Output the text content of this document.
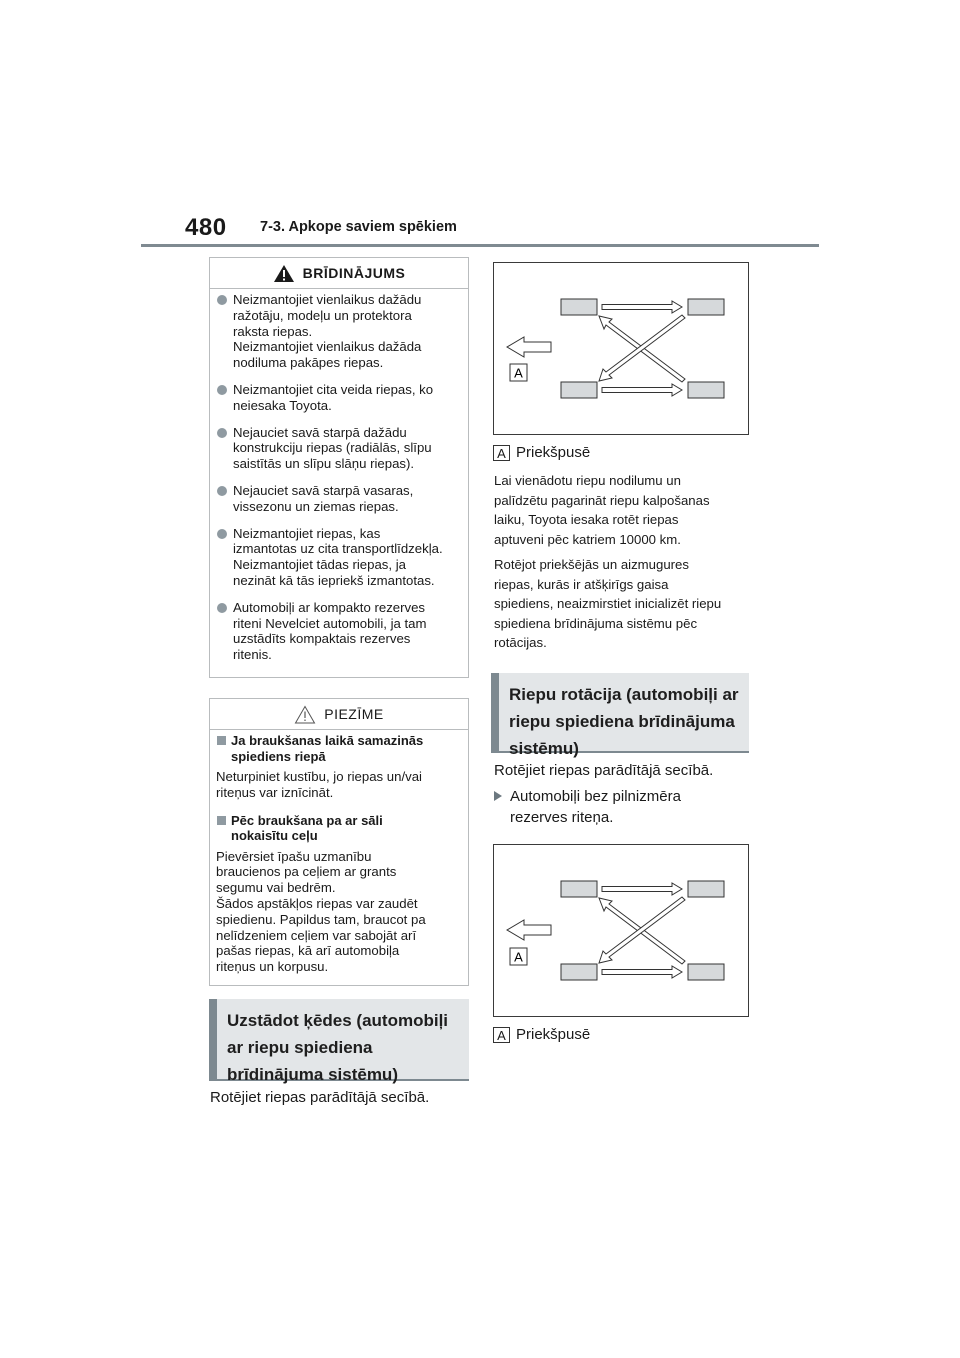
480 7-3. Apkope saviem spēkiem
BRĪDINĀJUMS
Neizmantojiet vienlaikus dažādu
ražotāju, modeļu un protektora
raksta riepas.
Neizmantojiet vienlaikus dažāda
nodiluma pakāpes riepas.
Neizmantojiet cita veida riepas, ko
neiesaka Toyota.
Nejauciet savā starpā dažādu
konstrukciju riepas (radiālās, slīpu
saistītās un slīpu slāņu riepas).
Nejauciet savā starpā vasaras,
vissezonu un ziemas riepas.
Neizmantojiet riepas, kas
izmantotas uz cita transportlīdzekļa.
Neizmantojiet tādas riepas, ja
nezināt kā tās iepriekš izmantotas.
Automobiļi ar kompakto rezerves
riteni Nevelciet automobili, ja tam
uzstādīts kompaktais rezerves
ritenis.
PIEZĪME
Ja braukšanas laikā samazinās
spiediens riepā
Neturpiniet kustību, jo riepas un/vai
riteņus var iznīcināt.
Pēc braukšana pa ar sāli
nokaisītu ceļu
Pievērsiet īpašu uzmanību
braucienos pa ceļiem ar grants
segumu vai bedrēm.
Šādos apstākļos riepas var zaudēt
spiedienu. Papildus tam, braucot pa
nelīdzeniem ceļiem var sabojāt arī
pašas riepas, kā arī automobiļa
riteņus un korpusu.
Uzstādot ķēdes (automobiļi
ar riepu spiediena
brīdinājuma sistēmu)
Rotējiet riepas parādītājā secībā.
A
A Priekšpusē
Lai vienādotu riepu nodilumu un
palīdzētu pagarināt riepu kalpošanas
laiku, Toyota iesaka rotēt riepas
aptuveni pēc katriem 10000 km.
Rotējot priekšējās un aizmugures
riepas, kurās ir atšķirīgs gaisa
spiediens, neaizmirstiet inicializēt riepu
spiediena brīdinājuma sistēmu pēc
rotācijas.
Riepu rotācija (automobiļi ar
riepu spiediena brīdinājuma
sistēmu)
Rotējiet riepas parādītājā secībā.
Automobiļi bez pilnizmēra
rezerves riteņa.
A
A Priekšpusē
